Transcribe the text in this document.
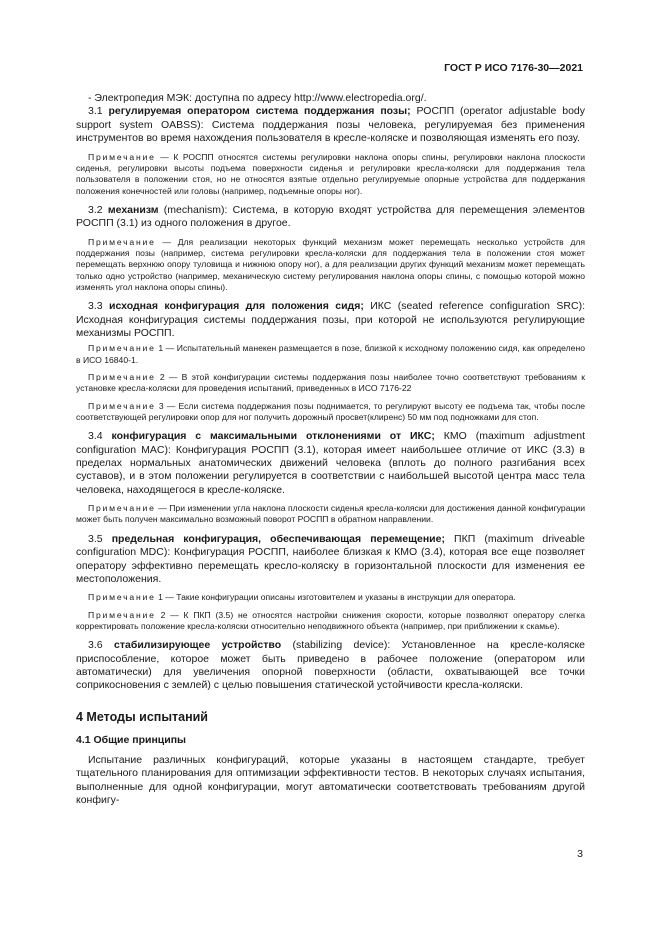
ГОСТ Р ИСО 7176-30—2021

- Электропедия МЭК: доступна по адресу http://www.electropedia.org/.

3.1 регулируемая оператором система поддержания позы; РОСПП (operator adjustable body support system OABSS): Система поддержания позы человека, регулируемая без применения инструментов во время нахождения пользователя в кресле-коляске и позволяющая изменять его позу.

Примечание — К РОСПП относятся системы регулировки наклона опоры спины, регулировки наклона плоскости сиденья, регулировки высоты подъема поверхности сиденья и регулировки кресла-коляски для поддержания тела пользователя в положении стоя, но не относятся взятые отдельно регулируемые опорные устройства для поддержания положения конечностей или головы (например, подъемные опоры ног).

3.2 механизм (mechanism): Система, в которую входят устройства для перемещения элементов РОСПП (3.1) из одного положения в другое.

Примечание — Для реализации некоторых функций механизм может перемещать несколько устройств для поддержания позы (например, система регулировки кресла-коляски для поддержания тела в положении стоя может перемещать верхнюю опору туловища и нижнюю опору ног), а для реализации других функций механизм может перемещать только одно устройство (например, механическую систему регулирования наклона опоры спины, с помощью которой можно изменять угол наклона опоры спины).

3.3 исходная конфигурация для положения сидя; ИКС (seated reference configuration SRC): Исходная конфигурация системы поддержания позы, при которой не используются регулирующие механизмы РОСПП.

Примечание 1 — Испытательный манекен размещается в позе, близкой к исходному положению сидя, как определено в ИСО 16840-1.

Примечание 2 — В этой конфигурации системы поддержания позы наиболее точно соответствуют требованиям к установке кресла-коляски для проведения испытаний, приведенных в ИСО 7176-22

Примечание 3 — Если система поддержания позы поднимается, то регулируют высоту ее подъема так, чтобы после соответствующей регулировки опор для ног получить дорожный просвет(клиренс) 50 мм под подножками для стоп.

3.4 конфигурация с максимальными отклонениями от ИКС; КМО (maximum adjustment configuration MAC): Конфигурация РОСПП (3.1), которая имеет наибольшее отличие от ИКС (3.3) в пределах нормальных анатомических движений человека (вплоть до полного разгибания всех суставов), и в этом положении регулируется в соответствии с наибольшей высотой центра масс тела человека, находящегося в кресле-коляске.

Примечание — При изменении угла наклона плоскости сиденья кресла-коляски для достижения данной конфигурации может быть получен максимально возможный поворот РОСПП в обратном направлении.

3.5 предельная конфигурация, обеспечивающая перемещение; ПКП (maximum driveable configuration MDC): Конфигурация РОСПП, наиболее близкая к КМО (3.4), которая все еще позволяет оператору эффективно перемещать кресло-коляску в горизонтальной плоскости для изменения ее местоположения.

Примечание 1 — Такие конфигурации описаны изготовителем и указаны в инструкции для оператора.

Примечание 2 — К ПКП (3.5) не относятся настройки снижения скорости, которые позволяют оператору слегка корректировать положение кресла-коляски относительно неподвижного объекта (например, при приближении к скамье).

3.6 стабилизирующее устройство (stabilizing device): Установленное на кресле-коляске приспособление, которое может быть приведено в рабочее положение (оператором или автоматически) для увеличения опорной поверхности (области, охватывающей все точки соприкосновения с землей) с целью повышения статической устойчивости кресла-коляски.

4 Методы испытаний

4.1 Общие принципы

Испытание различных конфигураций, которые указаны в настоящем стандарте, требует тщательного планирования для оптимизации эффективности тестов. В некоторых случаях испытания, выполненные для одной конфигурации, могут автоматически соответствовать требованиям другой конфигу-

3
